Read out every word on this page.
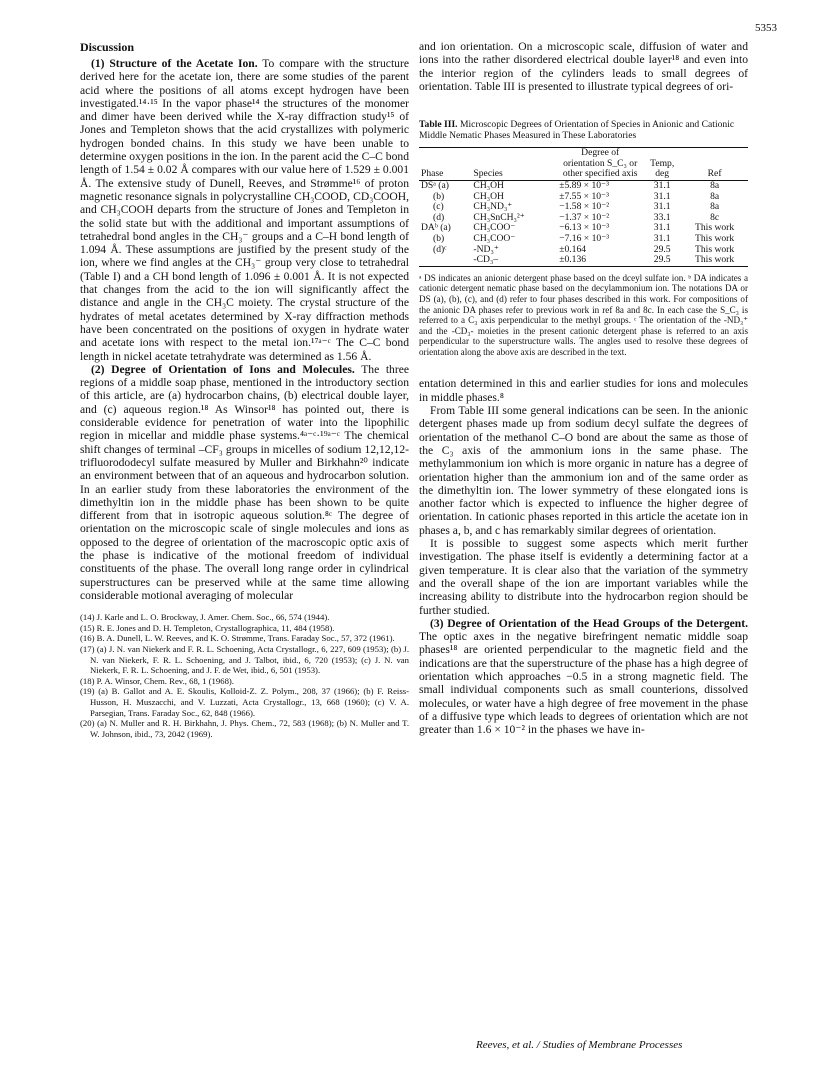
5353
Discussion

(1) Structure of the Acetate Ion. To compare with the structure derived here for the acetate ion, there are some studies of the parent acid where the positions of all atoms except hydrogen have been investigated.¹⁴·¹⁵ In the vapor phase¹⁴ the structures of the monomer and dimer have been derived while the X-ray diffraction study¹⁵ of Jones and Templeton shows that the acid crystallizes with polymeric hydrogen bonded chains. In this study we have been unable to determine oxygen positions in the ion. In the parent acid the C–C bond length of 1.54 ± 0.02 Å compares with our value here of 1.529 ± 0.001 Å. The extensive study of Dunell, Reeves, and Strømme¹⁶ of proton magnetic resonance signals in polycrystalline CH₃COOD, CD₃COOH, and CH₃COOH departs from the structure of Jones and Templeton in the solid state but with the additional and important assumptions of tetrahedral bond angles in the CH₃⁻ groups and a C–H bond length of 1.094 Å. These assumptions are justified by the present study of the ion, where we find angles at the CH₃⁻ group very close to tetrahedral (Table I) and a CH bond length of 1.096 ± 0.001 Å. It is not expected that changes from the acid to the ion will significantly affect the distance and angle in the CH₃C moiety. The crystal structure of the hydrates of metal acetates determined by X-ray diffraction methods have been concentrated on the positions of oxygen in hydrate water and acetate ions with respect to the metal ion.¹⁷ᵃ⁻ᶜ The C–C bond length in nickel acetate tetrahydrate was determined as 1.56 Å.

(2) Degree of Orientation of Ions and Molecules. The three regions of a middle soap phase, mentioned in the introductory section of this article, are (a) hydrocarbon chains, (b) electrical double layer, and (c) aqueous region.¹⁸ As Winsor¹⁸ has pointed out, there is considerable evidence for penetration of water into the lipophilic region in micellar and middle phase systems.⁴ᵃ⁻ᶜ·¹⁹ᵃ⁻ᶜ The chemical shift changes of terminal –CF₃ groups in micelles of sodium 12,12,12-trifluorododecyl sulfate measured by Muller and Birkhahn²⁰ indicate an environment between that of an aqueous and hydrocarbon solution. In an earlier study from these laboratories the environment of the dimethyltin ion in the middle phase has been shown to be quite different from that in isotropic aqueous solution.⁸ᶜ The degree of orientation on the microscopic scale of single molecules and ions as opposed to the degree of orientation of the macroscopic optic axis of the phase is indicative of the motional freedom of individual constituents of the phase. The overall long range order in cylindrical superstructures can be preserved while at the same time allowing considerable motional averaging of molecular

(14) J. Karle and L. O. Brockway, J. Amer. Chem. Soc., 66, 574 (1944).

(15) R. E. Jones and D. H. Templeton, Crystallographica, 11, 484 (1958).

(16) B. A. Dunell, L. W. Reeves, and K. O. Strømme, Trans. Faraday Soc., 57, 372 (1961).

(17) (a) J. N. van Niekerk and F. R. L. Schoening, Acta Crystallogr., 6, 227, 609 (1953); (b) J. N. van Niekerk, F. R. L. Schoening, and J. Talbot, ibid., 6, 720 (1953); (c) J. N. van Niekerk, F. R. L. Schoening, and J. F. de Wet, ibid., 6, 501 (1953).

(18) P. A. Winsor, Chem. Rev., 68, 1 (1968).

(19) (a) B. Gallot and A. E. Skoulis, Kolloid-Z. Z. Polym., 208, 37 (1966); (b) F. Reiss-Husson, H. Muszacchi, and V. Luzzati, Acta Crystallogr., 13, 668 (1960); (c) V. A. Parsegian, Trans. Faraday Soc., 62, 848 (1966).

(20) (a) N. Muller and R. H. Birkhahn, J. Phys. Chem., 72, 583 (1968); (b) N. Muller and T. W. Johnson, ibid., 73, 2042 (1969).

and ion orientation. On a microscopic scale, diffusion of water and ions into the rather disordered electrical double layer¹⁸ and even into the interior region of the cylinders leads to small degrees of orientation. Table III is presented to illustrate typical degrees of ori-

Table III. Microscopic Degrees of Orientation of Species in Anionic and Cationic Middle Nematic Phases Measured in These Laboratories
Phase	Species	Degree of orientation S_C₃ or other specified axis	Temp, deg	Ref
DSᵃ (a)	CH₃OH	±5.89 × 10⁻³	31.1	8a
(b)	CH₃OH	±7.55 × 10⁻³	31.1	8a
(c)	CH₃ND₃⁺	−1.58 × 10⁻²	31.1	8a
(d)	CH₃SnCH₃²⁺	−1.37 × 10⁻²	33.1	8c
DAᵇ (a)	CH₃COO⁻	−6.13 × 10⁻³	31.1	This work
(b)	CH₃COO⁻	−7.16 × 10⁻³	31.1	This work
(d)ᶜ	-ND₃⁺	±0.164	29.5	This work
	-CD₃–	±0.136	29.5	This work
ᵃ DS indicates an anionic detergent phase based on the dceyl sulfate ion. ᵇ DA indicates a cationic detergent nematic phase based on the decylammonium ion. The notations DA or DS (a), (b), (c), and (d) refer to four phases described in this work. For compositions of the anionic DA phases refer to previous work in ref 8a and 8c. In each case the S_C₃ is referred to a C₃ axis perpendicular to the methyl groups. ᶜ The orientation of the -ND₃⁺ and the -CD₃- moieties in the present cationic detergent phase is referred to an axis perpendicular to the superstructure walls. The angles used to resolve these degrees of orientation along the above axis are described in the text.

entation determined in this and earlier studies for ions and molecules in middle phases.⁸

From Table III some general indications can be seen. In the anionic detergent phases made up from sodium decyl sulfate the degrees of orientation of the methanol C–O bond are about the same as those of the C₃ axis of the ammonium ions in the same phase. The methylammonium ion which is more organic in nature has a degree of orientation higher than the ammonium ion and of the same order as the dimethyltin ion. The lower symmetry of these elongated ions is another factor which is expected to influence the higher degree of orientation. In cationic phases reported in this article the acetate ion in phases a, b, and c has remarkably similar degrees of orientation.

It is possible to suggest some aspects which merit further investigation. The phase itself is evidently a determining factor at a given temperature. It is clear also that the variation of the symmetry and the overall shape of the ion are important variables while the increasing ability to distribute into the hydrocarbon region should be further studied.

(3) Degree of Orientation of the Head Groups of the Detergent. The optic axes in the negative birefringent nematic middle soap phases¹⁸ are oriented perpendicular to the magnetic field and the indications are that the superstructure of the phase has a high degree of orientation which approaches −0.5 in a strong magnetic field. The small individual components such as small counterions, dissolved molecules, or water have a high degree of free movement in the phase of a diffusive type which leads to degrees of orientation which are not greater than 1.6 × 10⁻² in the phases we have in-

Reeves, et al. / Studies of Membrane Processes
